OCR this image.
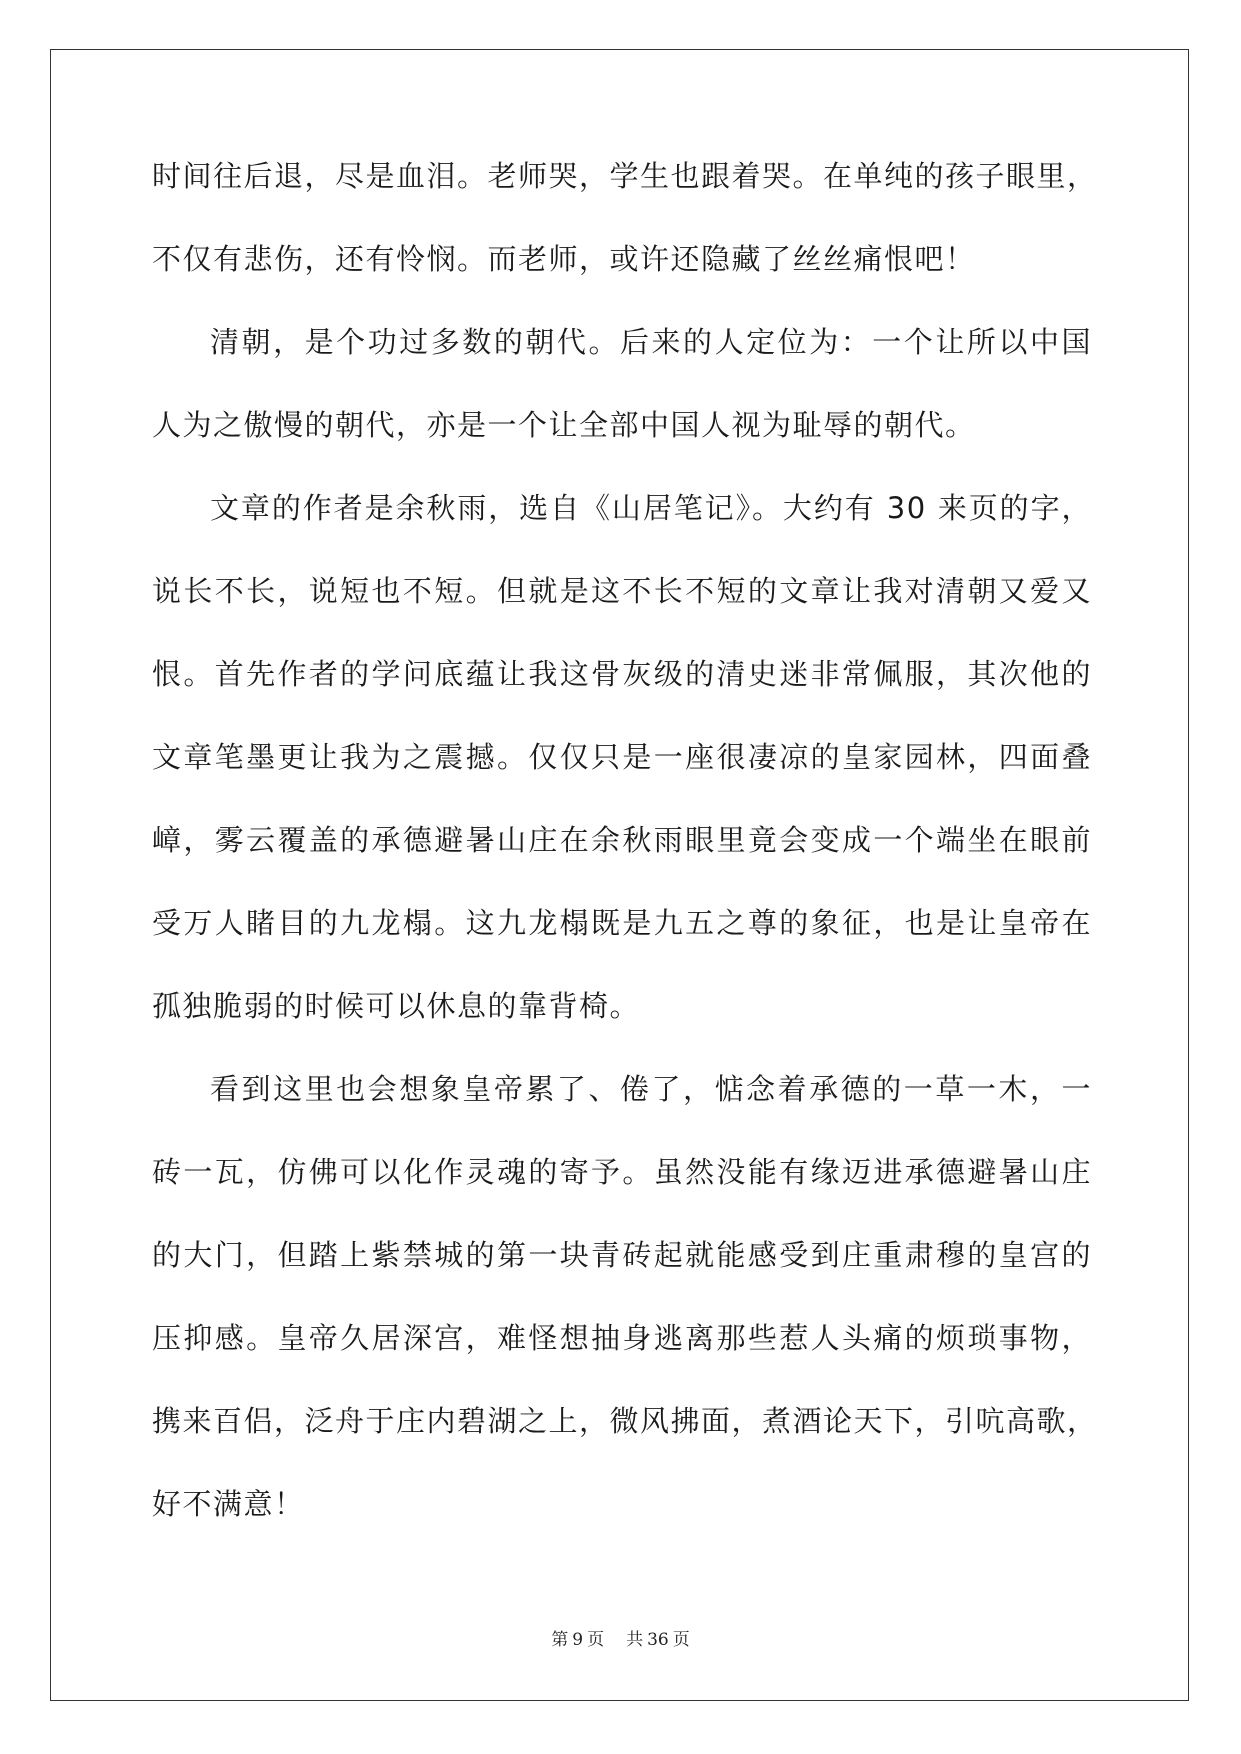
时间往后退，尽是血泪。老师哭，学生也跟着哭。在单纯的孩子眼里，
不仅有悲伤，还有怜悯。而老师，或许还隐藏了丝丝痛恨吧！
清朝，是个功过多数的朝代。后来的人定位为：一个让所以中国
人为之傲慢的朝代，亦是一个让全部中国人视为耻辱的朝代。
文章的作者是余秋雨，选自《山居笔记》。大约有 30 来页的字，
说长不长，说短也不短。但就是这不长不短的文章让我对清朝又爱又
恨。首先作者的学问底蕴让我这骨灰级的清史迷非常佩服，其次他的
文章笔墨更让我为之震撼。仅仅只是一座很凄凉的皇家园林，四面叠
嶂，雾云覆盖的承德避暑山庄在余秋雨眼里竟会变成一个端坐在眼前
受万人睹目的九龙榻。这九龙榻既是九五之尊的象征，也是让皇帝在
孤独脆弱的时候可以休息的靠背椅。
看到这里也会想象皇帝累了、倦了，惦念着承德的一草一木，一
砖一瓦，仿佛可以化作灵魂的寄予。虽然没能有缘迈进承德避暑山庄
的大门，但踏上紫禁城的第一块青砖起就能感受到庄重肃穆的皇宫的
压抑感。皇帝久居深宫，难怪想抽身逃离那些惹人头痛的烦琐事物，
携来百侣，泛舟于庄内碧湖之上，微风拂面，煮酒论天下，引吭高歌，
好不满意！
第 9 页 共 36 页
